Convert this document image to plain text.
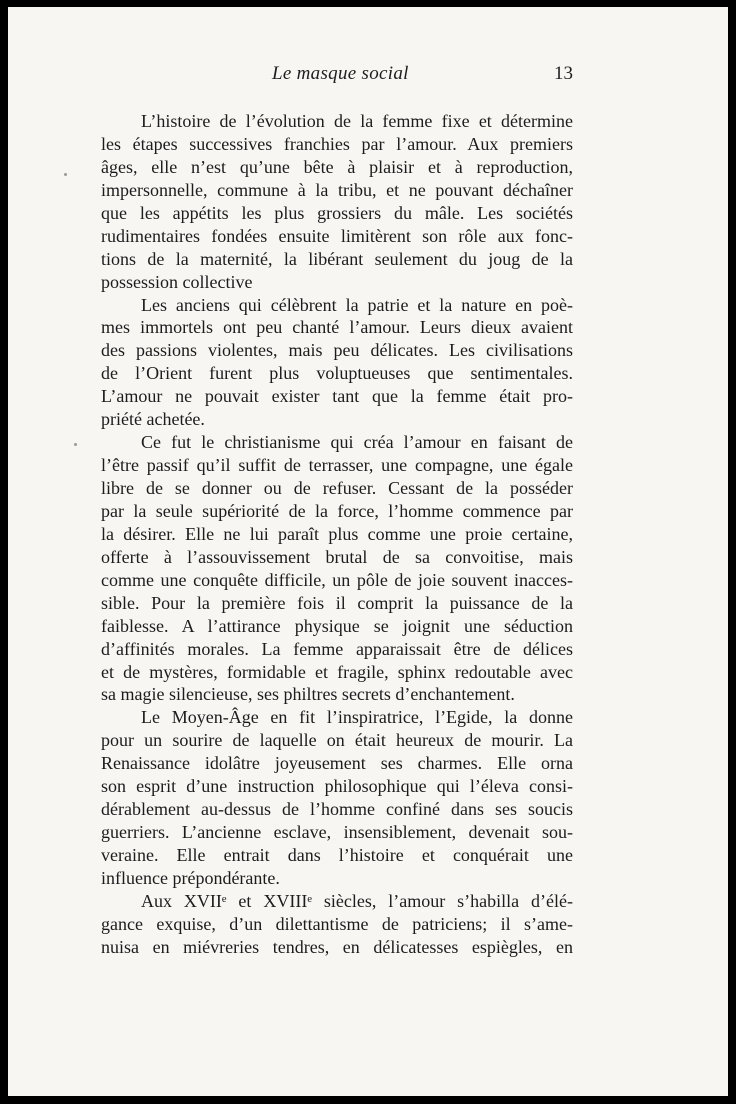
Le masque social	13

L’histoire de l’évolution de la femme fixe et détermine
les étapes successives franchies par l’amour. Aux premiers
âges, elle n’est qu’une bête à plaisir et à reproduction,
impersonnelle, commune à la tribu, et ne pouvant déchaîner
que les appétits les plus grossiers du mâle. Les sociétés
rudimentaires fondées ensuite limitèrent son rôle aux fonc-
tions de la maternité, la libérant seulement du joug de la
possession collective

Les anciens qui célèbrent la patrie et la nature en poè-
mes immortels ont peu chanté l’amour. Leurs dieux avaient
des passions violentes, mais peu délicates. Les civilisations
de l’Orient furent plus voluptueuses que sentimentales.
L’amour ne pouvait exister tant que la femme était pro-
priété achetée.

Ce fut le christianisme qui créa l’amour en faisant de
l’être passif qu’il suffit de terrasser, une compagne, une égale
libre de se donner ou de refuser. Cessant de la posséder
par la seule supériorité de la force, l’homme commence par
la désirer. Elle ne lui paraît plus comme une proie certaine,
offerte à l’assouvissement brutal de sa convoitise, mais
comme une conquête difficile, un pôle de joie souvent inacces-
sible. Pour la première fois il comprit la puissance de la
faiblesse. A l’attirance physique se joignit une séduction
d’affinités morales. La femme apparaissait être de délices
et de mystères, formidable et fragile, sphinx redoutable avec
sa magie silencieuse, ses philtres secrets d’enchantement.

Le Moyen-Âge en fit l’inspiratrice, l’Egide, la donne
pour un sourire de laquelle on était heureux de mourir. La
Renaissance idolâtre joyeusement ses charmes. Elle orna
son esprit d’une instruction philosophique qui l’éleva consi-
dérablement au-dessus de l’homme confiné dans ses soucis
guerriers. L’ancienne esclave, insensiblement, devenait sou-
veraine. Elle entrait dans l’histoire et conquérait une
influence prépondérante.

Aux XVIIᵉ et XVIIIᵉ siècles, l’amour s’habilla d’élé-
gance exquise, d’un dilettantisme de patriciens; il s’ame-
nuisa en miévreries tendres, en délicatesses espiègles, en
